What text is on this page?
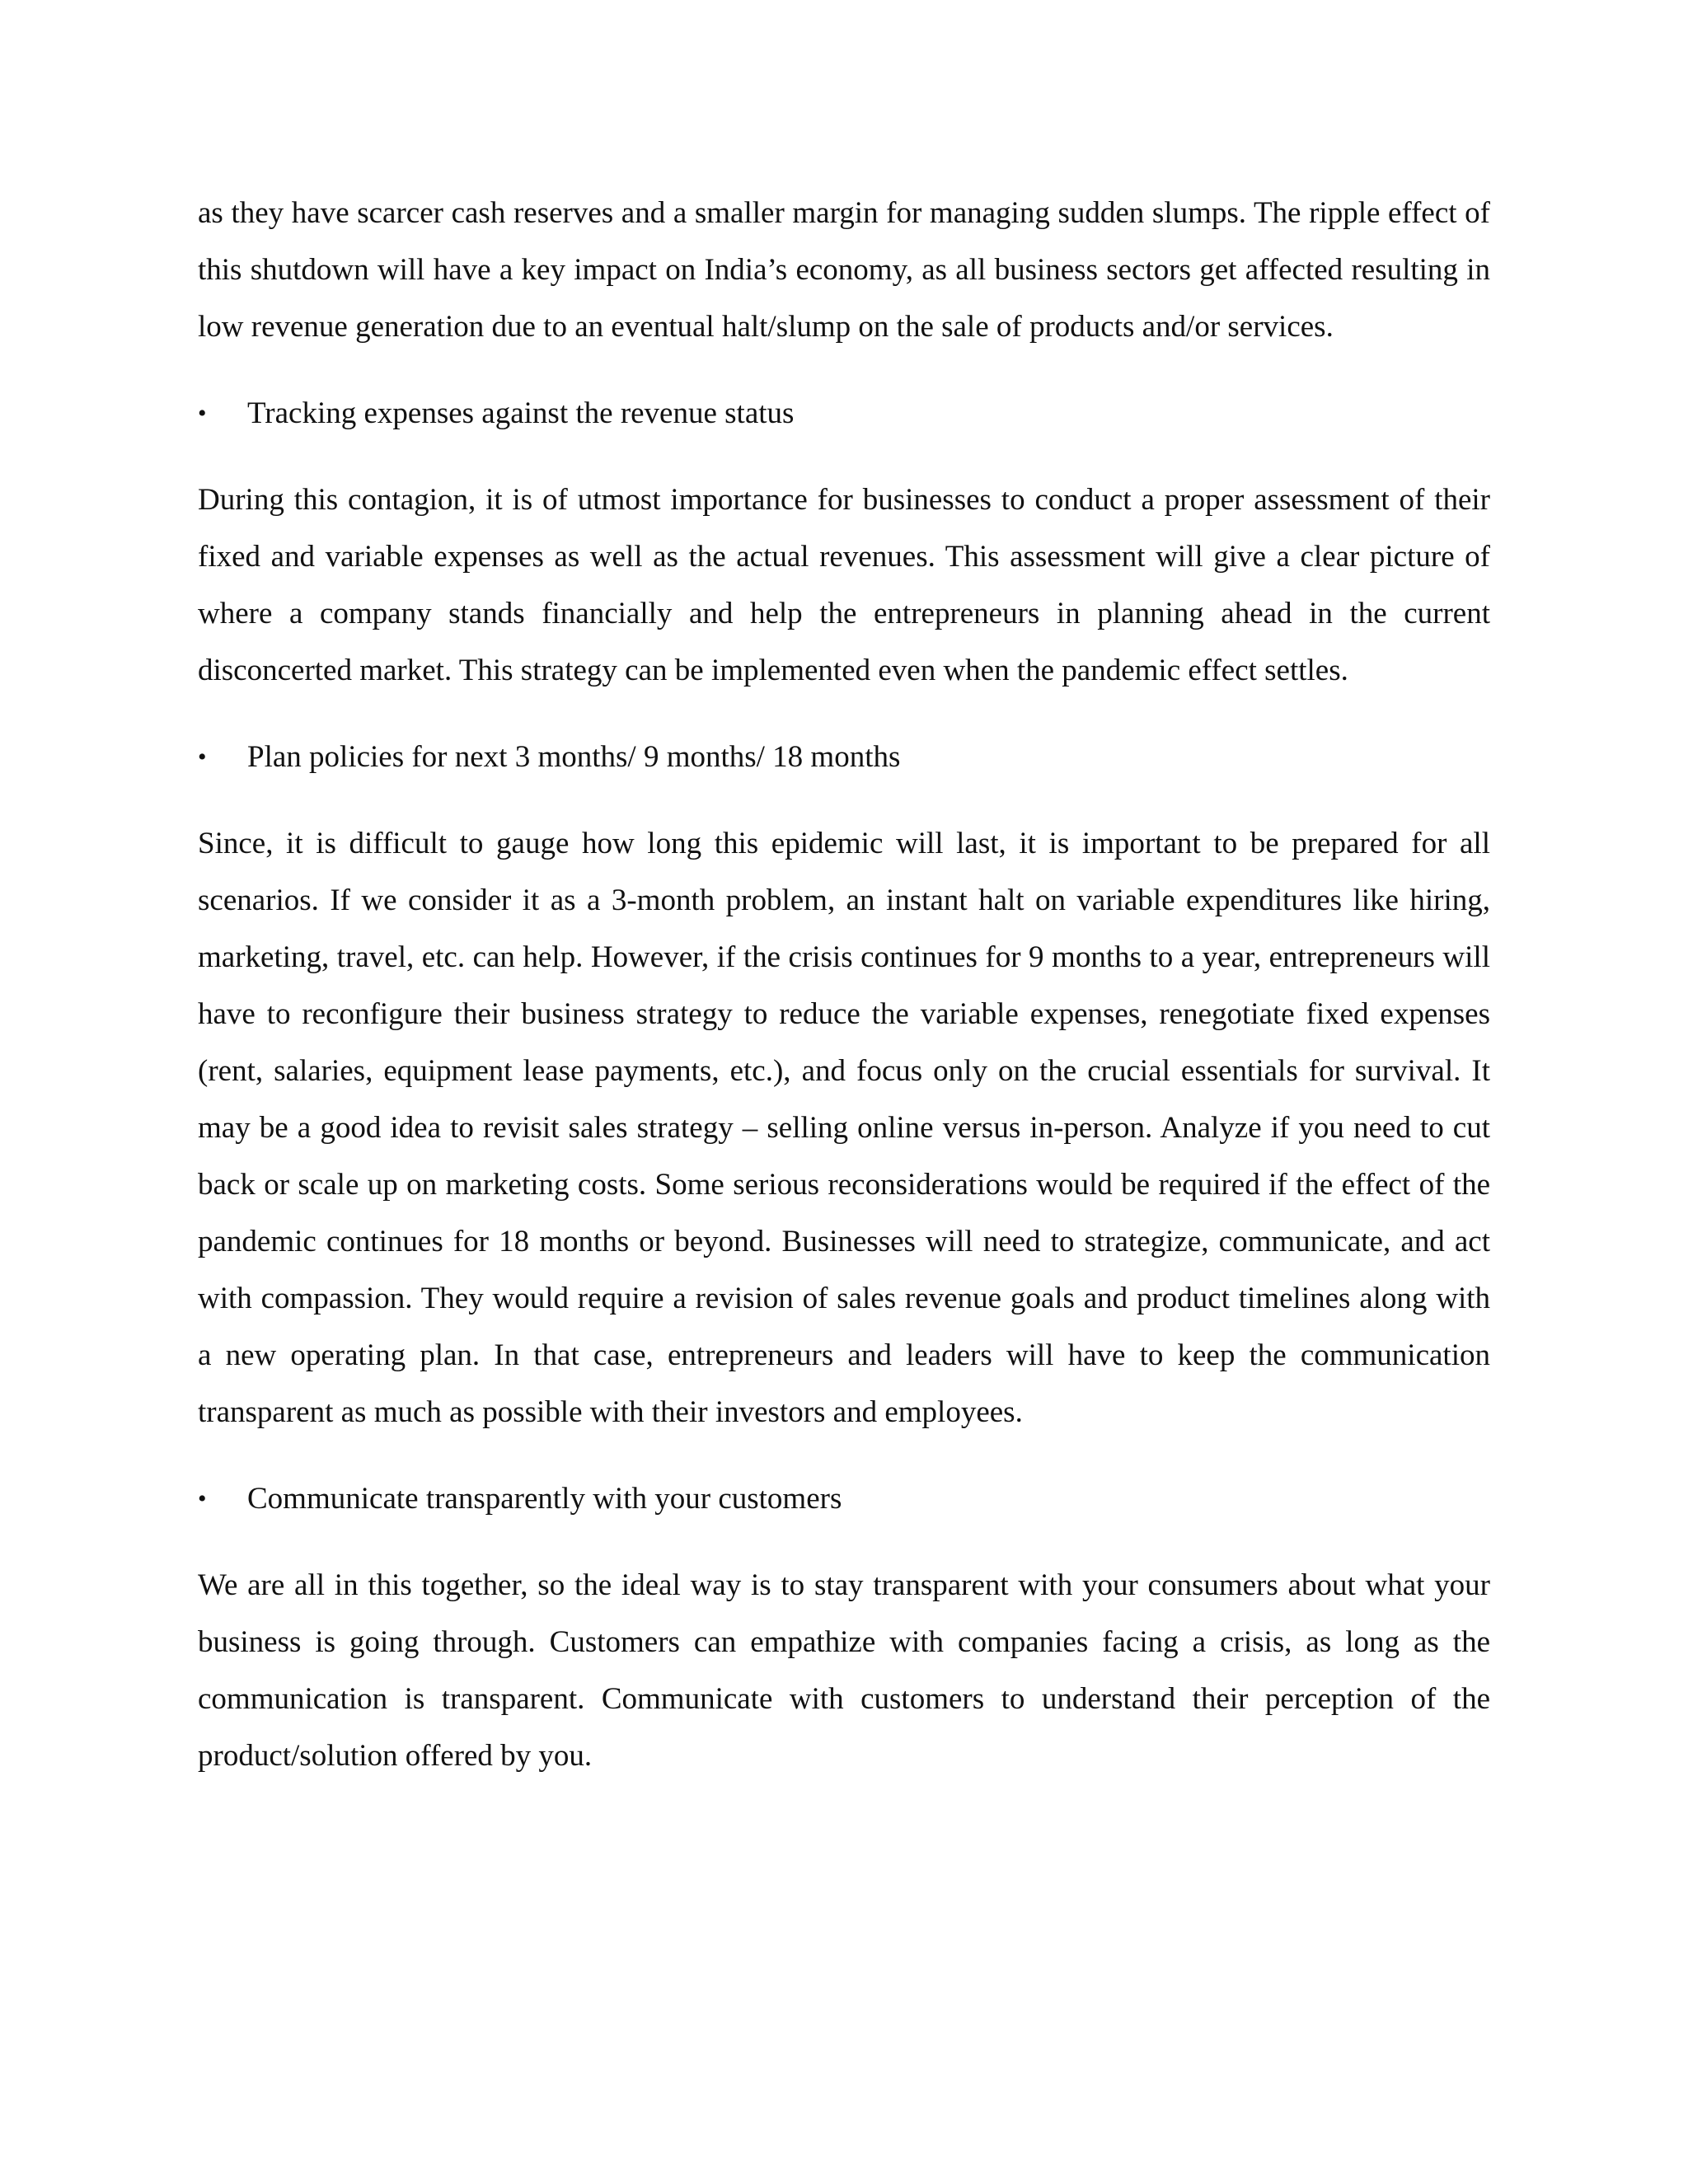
as they have scarcer cash reserves and a smaller margin for managing sudden slumps. The ripple effect of this shutdown will have a key impact on India’s economy, as all business sectors get affected resulting in low revenue generation due to an eventual halt/slump on the sale of products and/or services.

•	Tracking expenses against the revenue status

During this contagion, it is of utmost importance for businesses to conduct a proper assessment of their fixed and variable expenses as well as the actual revenues. This assessment will give a clear picture of where a company stands financially and help the entrepreneurs in planning ahead in the current disconcerted market. This strategy can be implemented even when the pandemic effect settles.

•	Plan policies for next 3 months/ 9 months/ 18 months

Since, it is difficult to gauge how long this epidemic will last, it is important to be prepared for all scenarios. If we consider it as a 3-month problem, an instant halt on variable expenditures like hiring, marketing, travel, etc. can help. However, if the crisis continues for 9 months to a year, entrepreneurs will have to reconfigure their business strategy to reduce the variable expenses, renegotiate fixed expenses (rent, salaries, equipment lease payments, etc.), and focus only on the crucial essentials for survival. It may be a good idea to revisit sales strategy – selling online versus in-person. Analyze if you need to cut back or scale up on marketing costs. Some serious reconsiderations would be required if the effect of the pandemic continues for 18 months or beyond. Businesses will need to strategize, communicate, and act with compassion. They would require a revision of sales revenue goals and product timelines along with a new operating plan. In that case, entrepreneurs and leaders will have to keep the communication transparent as much as possible with their investors and employees.

•	Communicate transparently with your customers

We are all in this together, so the ideal way is to stay transparent with your consumers about what your business is going through. Customers can empathize with companies facing a crisis, as long as the communication is transparent. Communicate with customers to understand their perception of the product/solution offered by you.
